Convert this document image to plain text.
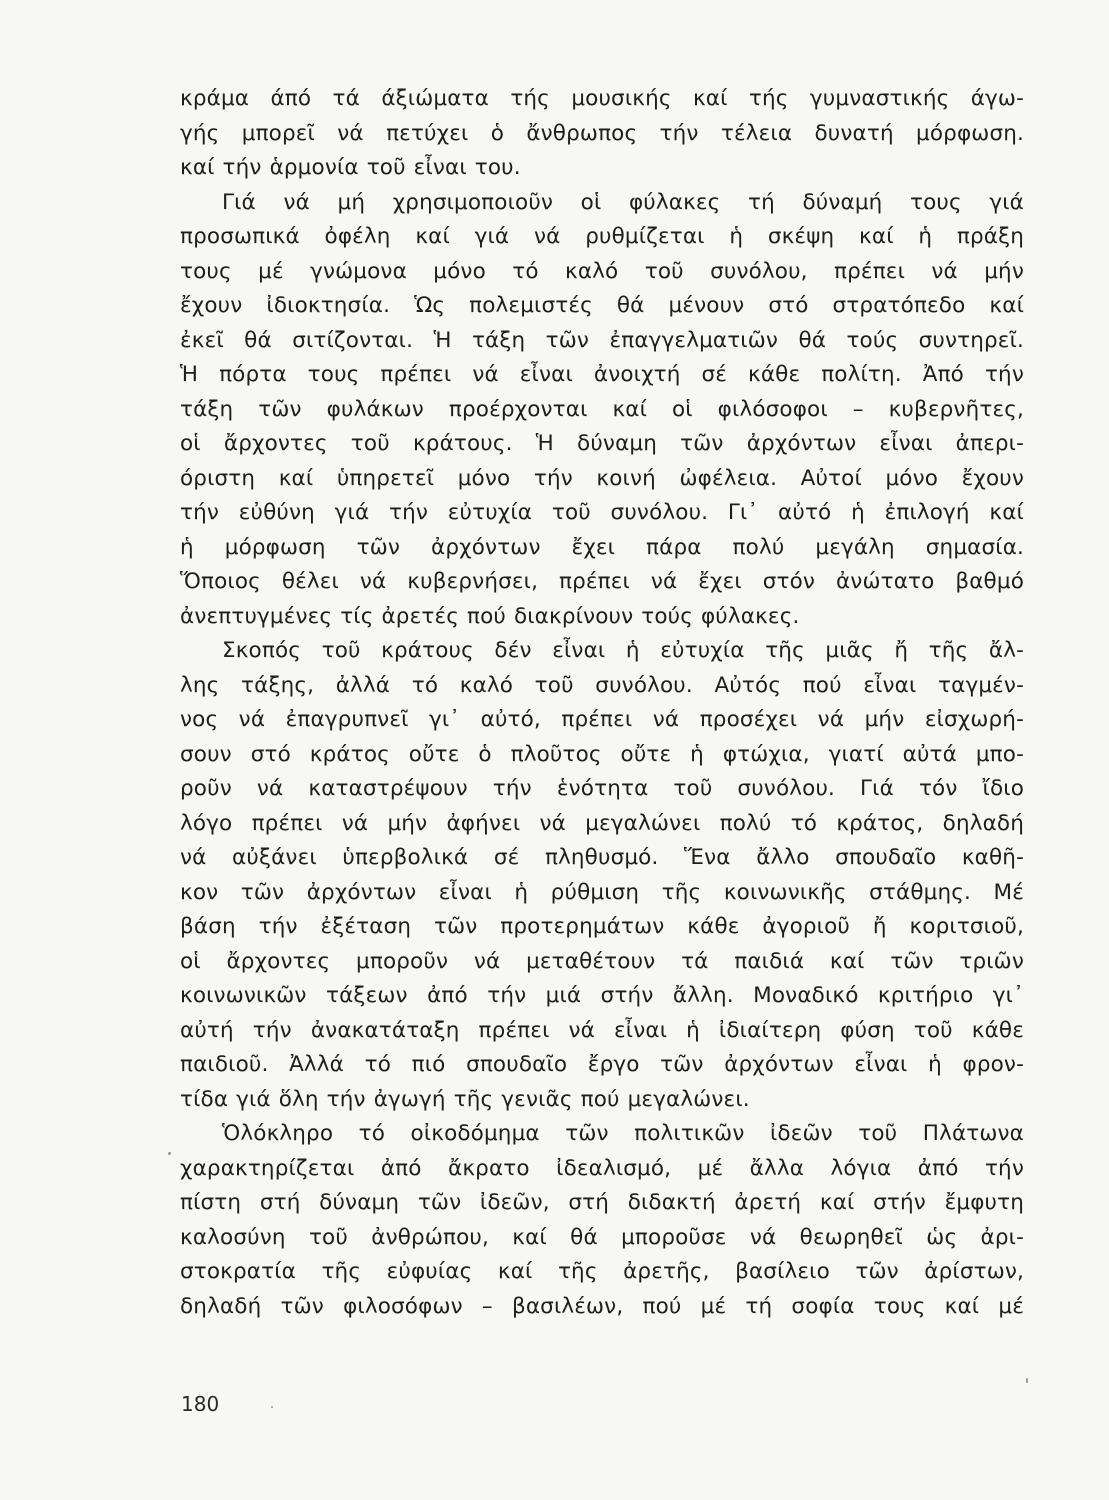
κράμα άπό τά άξιώματα τής μουσικής καί τής γυμναστικής άγω-
γής μπορεῖ νά πετύχει ὁ ἄνθρωπος τήν τέλεια δυνατή μόρφωση.
καί τήν ἁρμονία τοῦ εἶναι του.
Γιά νά μή χρησιμοποιοῦν οἱ φύλακες τή δύναμή τους γιά
προσωπικά ὀφέλη καί γιά νά ρυθμίζεται ἡ σκέψη καί ἡ πράξη
τους μέ γνώμονα μόνο τό καλό τοῦ συνόλου, πρέπει νά μήν
ἔχουν ἰδιοκτησία. Ὡς πολεμιστές θά μένουν στό στρατόπεδο καί
ἐκεῖ θά σιτίζονται. Ἡ τάξη τῶν ἐπαγγελματιῶν θά τούς συντηρεῖ.
Ἡ πόρτα τους πρέπει νά εἶναι ἀνοιχτή σέ κάθε πολίτη. Ἀπό τήν
τάξη τῶν φυλάκων προέρχονται καί οἱ φιλόσοφοι – κυβερνῆτες,
οἱ ἄρχοντες τοῦ κράτους. Ἡ δύναμη τῶν ἀρχόντων εἶναι ἀπερι-
όριστη καί ὑπηρετεῖ μόνο τήν κοινή ὠφέλεια. Αὐτοί μόνο ἔχουν
τήν εὐθύνη γιά τήν εὐτυχία τοῦ συνόλου. Γι᾽ αὐτό ἡ ἐπιλογή καί
ἡ μόρφωση τῶν ἀρχόντων ἔχει πάρα πολύ μεγάλη σημασία.
Ὅποιος θέλει νά κυβερνήσει, πρέπει νά ἔχει στόν ἀνώτατο βαθμό
ἀνεπτυγμένες τίς ἀρετές πού διακρίνουν τούς φύλακες.
Σκοπός τοῦ κράτους δέν εἶναι ἡ εὐτυχία τῆς μιᾶς ἤ τῆς ἄλ-
λης τάξης, ἀλλά τό καλό τοῦ συνόλου. Αὐτός πού εἶναι ταγμέν-
νος νά ἐπαγρυπνεῖ γι᾽ αὐτό, πρέπει νά προσέχει νά μήν εἰσχωρή-
σουν στό κράτος οὔτε ὁ πλοῦτος οὔτε ἡ φτώχια, γιατί αὐτά μπο-
ροῦν νά καταστρέψουν τήν ἑνότητα τοῦ συνόλου. Γιά τόν ἴδιο
λόγο πρέπει νά μήν ἀφήνει νά μεγαλώνει πολύ τό κράτος, δηλαδή
νά αὐξάνει ὑπερβολικά σέ πληθυσμό. Ἕνα ἄλλο σπουδαῖο καθῆ-
κον τῶν ἀρχόντων εἶναι ἡ ρύθμιση τῆς κοινωνικῆς στάθμης. Μέ
βάση τήν ἐξέταση τῶν προτερημάτων κάθε ἀγοριοῦ ἤ κοριτσιοῦ,
οἱ ἄρχοντες μποροῦν νά μεταθέτουν τά παιδιά καί τῶν τριῶν
κοινωνικῶν τάξεων ἀπό τήν μιά στήν ἄλλη. Μοναδικό κριτήριο γι᾽
αὐτή τήν ἀνακατάταξη πρέπει νά εἶναι ἡ ἰδιαίτερη φύση τοῦ κάθε
παιδιοῦ. Ἀλλά τό πιό σπουδαῖο ἔργο τῶν ἀρχόντων εἶναι ἡ φρον-
τίδα γιά ὅλη τήν ἀγωγή τῆς γενιᾶς πού μεγαλώνει.
Ὁλόκληρο τό οἰκοδόμημα τῶν πολιτικῶν ἰδεῶν τοῦ Πλάτωνα
χαρακτηρίζεται ἀπό ἄκρατο ἰδεαλισμό, μέ ἄλλα λόγια ἀπό τήν
πίστη στή δύναμη τῶν ἰδεῶν, στή διδακτή ἀρετή καί στήν ἔμφυτη
καλοσύνη τοῦ ἀνθρώπου, καί θά μποροῦσε νά θεωρηθεῖ ὡς ἀρι-
στοκρατία τῆς εὐφυίας καί τῆς ἀρετῆς, βασίλειο τῶν ἀρίστων,
δηλαδή τῶν φιλοσόφων – βασιλέων, πού μέ τή σοφία τους καί μέ
180
